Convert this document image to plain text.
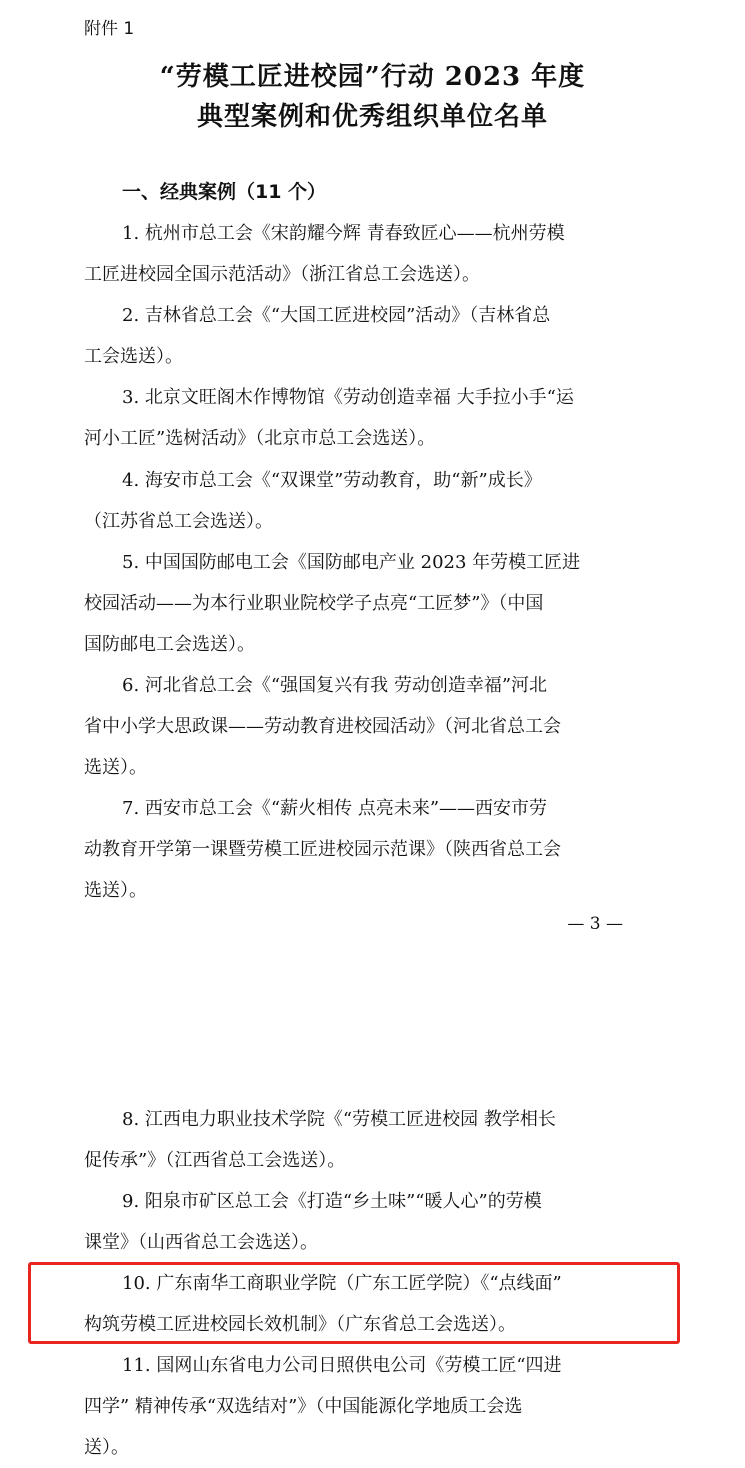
附件 1
“劳模工匠进校园”行动 2023 年度
典型案例和优秀组织单位名单
一、经典案例（11 个）
1. 杭州市总工会《宋韵耀今辉 青春致匠心——杭州劳模
工匠进校园全国示范活动》（浙江省总工会选送）。
2. 吉林省总工会《“大国工匠进校园”活动》（吉林省总
工会选送）。
3. 北京文旺阁木作博物馆《劳动创造幸福 大手拉小手“运
河小工匠”选树活动》（北京市总工会选送）。
4. 海安市总工会《“双课堂”劳动教育，助“新”成长》
（江苏省总工会选送）。
5. 中国国防邮电工会《国防邮电产业 2023 年劳模工匠进
校园活动——为本行业职业院校学子点亮“工匠梦”》（中国
国防邮电工会选送）。
6. 河北省总工会《“强国复兴有我 劳动创造幸福”河北
省中小学大思政课——劳动教育进校园活动》（河北省总工会
选送）。
7. 西安市总工会《“薪火相传 点亮未来”——西安市劳
动教育开学第一课暨劳模工匠进校园示范课》（陕西省总工会
选送）。
— 3 —
8. 江西电力职业技术学院《“劳模工匠进校园 教学相长
促传承”》（江西省总工会选送）。
9. 阳泉市矿区总工会《打造“乡土味”“暖人心”的劳模
课堂》（山西省总工会选送）。
10. 广东南华工商职业学院（广东工匠学院）《“点线面”
构筑劳模工匠进校园长效机制》（广东省总工会选送）。
11. 国网山东省电力公司日照供电公司《劳模工匠“四进
四学” 精神传承“双选结对”》（中国能源化学地质工会选
送）。
